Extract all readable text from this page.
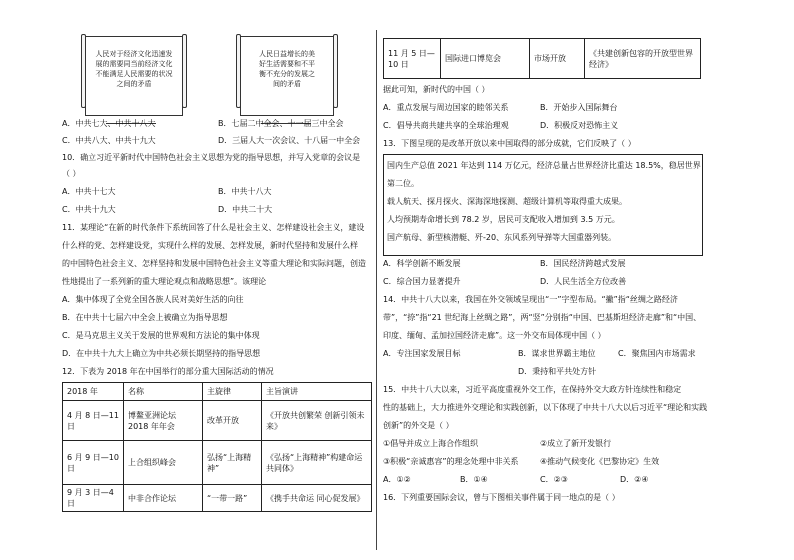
人民对于经济文化迅速发
展的需要同当前经济文化
不能满足人民需要的状况
之间的矛盾
人民日益增长的美
好生活需要和不平
衡不充分的发展之
间的矛盾
A．中共七大、中共十八大	B．七届二中全会、十一届三中全会
C．中共八大、中共十九大	D．三届人大一次会议、十八届一中全会
10．确立习近平新时代中国特色社会主义思想为党的指导思想，并写入党章的会议是
（ ）
A．中共十七大	B．中共十八大
C．中共十九大	D．中共二十大
11．某理论“在新的时代条件下系统回答了什么是社会主义、怎样建设社会主义，建设
什么样的党、怎样建设党，实现什么样的发展、怎样发展，新时代坚持和发展什么样
的中国特色社会主义、怎样坚持和发展中国特色社会主义等重大理论和实际问题，创造
性地提出了一系列新的重大理论观点和战略思想”。该理论
A．集中体现了全党全国各族人民对美好生活的向往
B．在中共十七届六中全会上被确立为指导思想
C．是马克思主义关于发展的世界观和方法论的集中体现
D．在中共十九大上确立为中共必须长期坚持的指导思想
12．下表为 2018 年在中国举行的部分重大国际活动的情况
2018 年	名称	主旋律	主旨演讲
4 月 8 日—11 日	博鳌亚洲论坛 2018 年年会	改革开放	《开放共创繁荣 创新引领未来》
6 月 9 日—10 日	上合组织峰会	弘扬“上海精神”	《弘扬“上海精神”构建命运共同体》
9 月 3 日—4 日	中非合作论坛	“一带一路”	《携手共命运 同心促发展》
11 月 5 日—10 日	国际进口博览会	市场开放	《共建创新包容的开放型世界经济》
据此可知，新时代的中国（ ）
A．重点发展与周边国家的睦邻关系	B．开始步入国际舞台
C．倡导共商共建共享的全球治理观	D．积极反对恐怖主义
13．下图呈现的是改革开放以来中国取得的部分成就，它们反映了（ ）
国内生产总值 2021 年达到 114 万亿元，经济总量占世界经济比重达 18.5%，稳居世界
第二位。
载人航天、探月探火、深海深地探测、超级计算机等取得重大成果。
人均预期寿命增长到 78.2 岁，居民可支配收入增加到 3.5 万元。
国产航母、新型核潜艇、歼-20、东风系列导弹等大国重器列装。
A．科学创新不断发展	B．国民经济跨越式发展
C．综合国力显著提升	D．人民生活全方位改善
14．中共十八大以来，我国在外交领域呈现出“一”字型布局。“撇”指“丝绸之路经济
带”，“捺”指“21 世纪海上丝绸之路”，两“竖”分别指“中国、巴基斯坦经济走廊”和“中国、
印度、缅甸、孟加拉国经济走廊”。这一外交布局体现中国（ ）
A．专注国家发展目标	B．谋求世界霸主地位	C．聚焦国内市场需求
D．秉持和平共处方针
15．中共十八大以来，习近平高度重视外交工作，在保持外交大政方针连续性和稳定
性的基础上，大力推进外交理论和实践创新，以下体现了中共十八大以后习近平“理论和实践
创新”的外交是（ ）
①倡导并成立上海合作组织	②成立了新开发银行
③积极“亲诚惠容”的理念处理中非关系	④推动气候变化《巴黎协定》生效
A．①②	B．①④	C．②③	D．②④
16．下列重要国际会议，曾与下图相关事件属于同一地点的是（ ）
